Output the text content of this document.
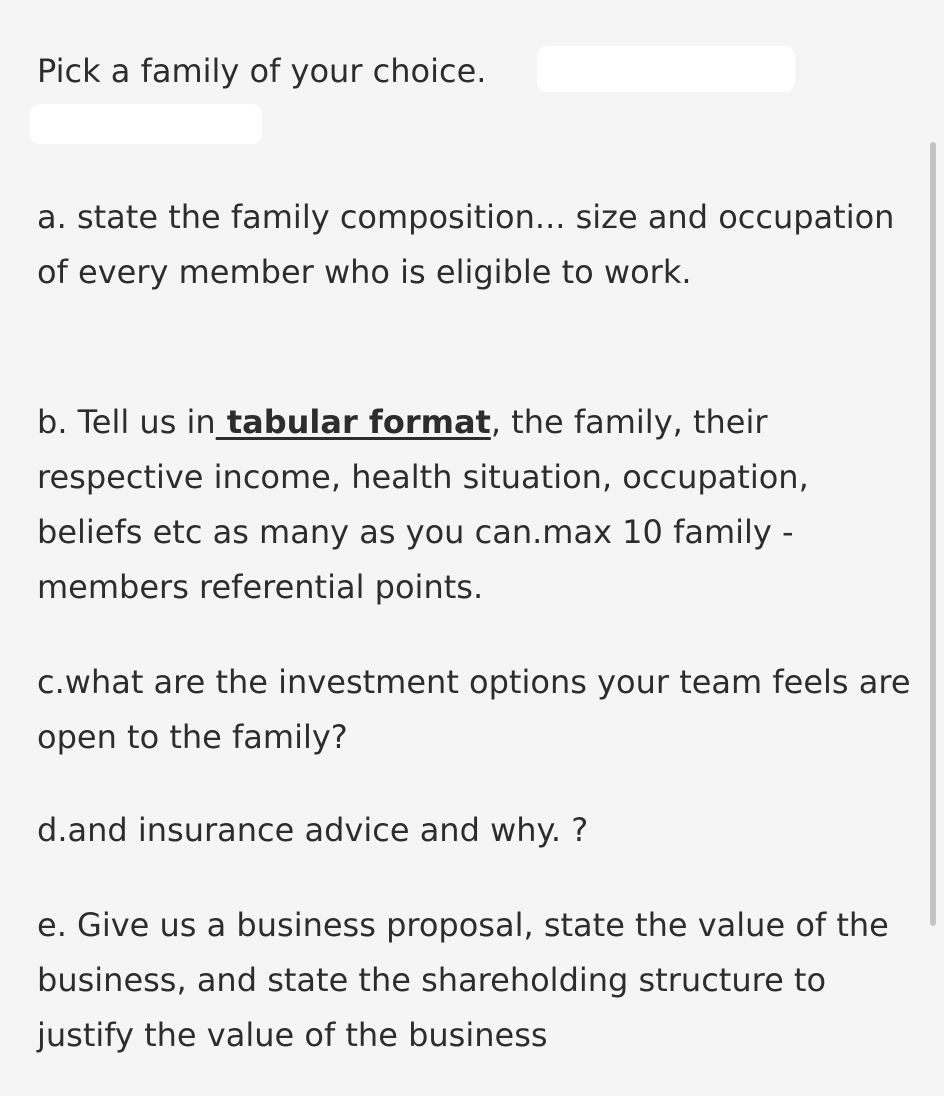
Pick a family of your choice.

a. state the family composition... size and occupation of every member who is eligible to work.

b. Tell us in tabular format, the family, their respective income, health situation, occupation, beliefs etc as many as you can.max 10 family - members referential points.

c.what are the investment options your team feels are open to the family?

d.and insurance advice and why. ?

e. Give us a business proposal, state the value of the business, and state the shareholding structure to justify the value of the business
